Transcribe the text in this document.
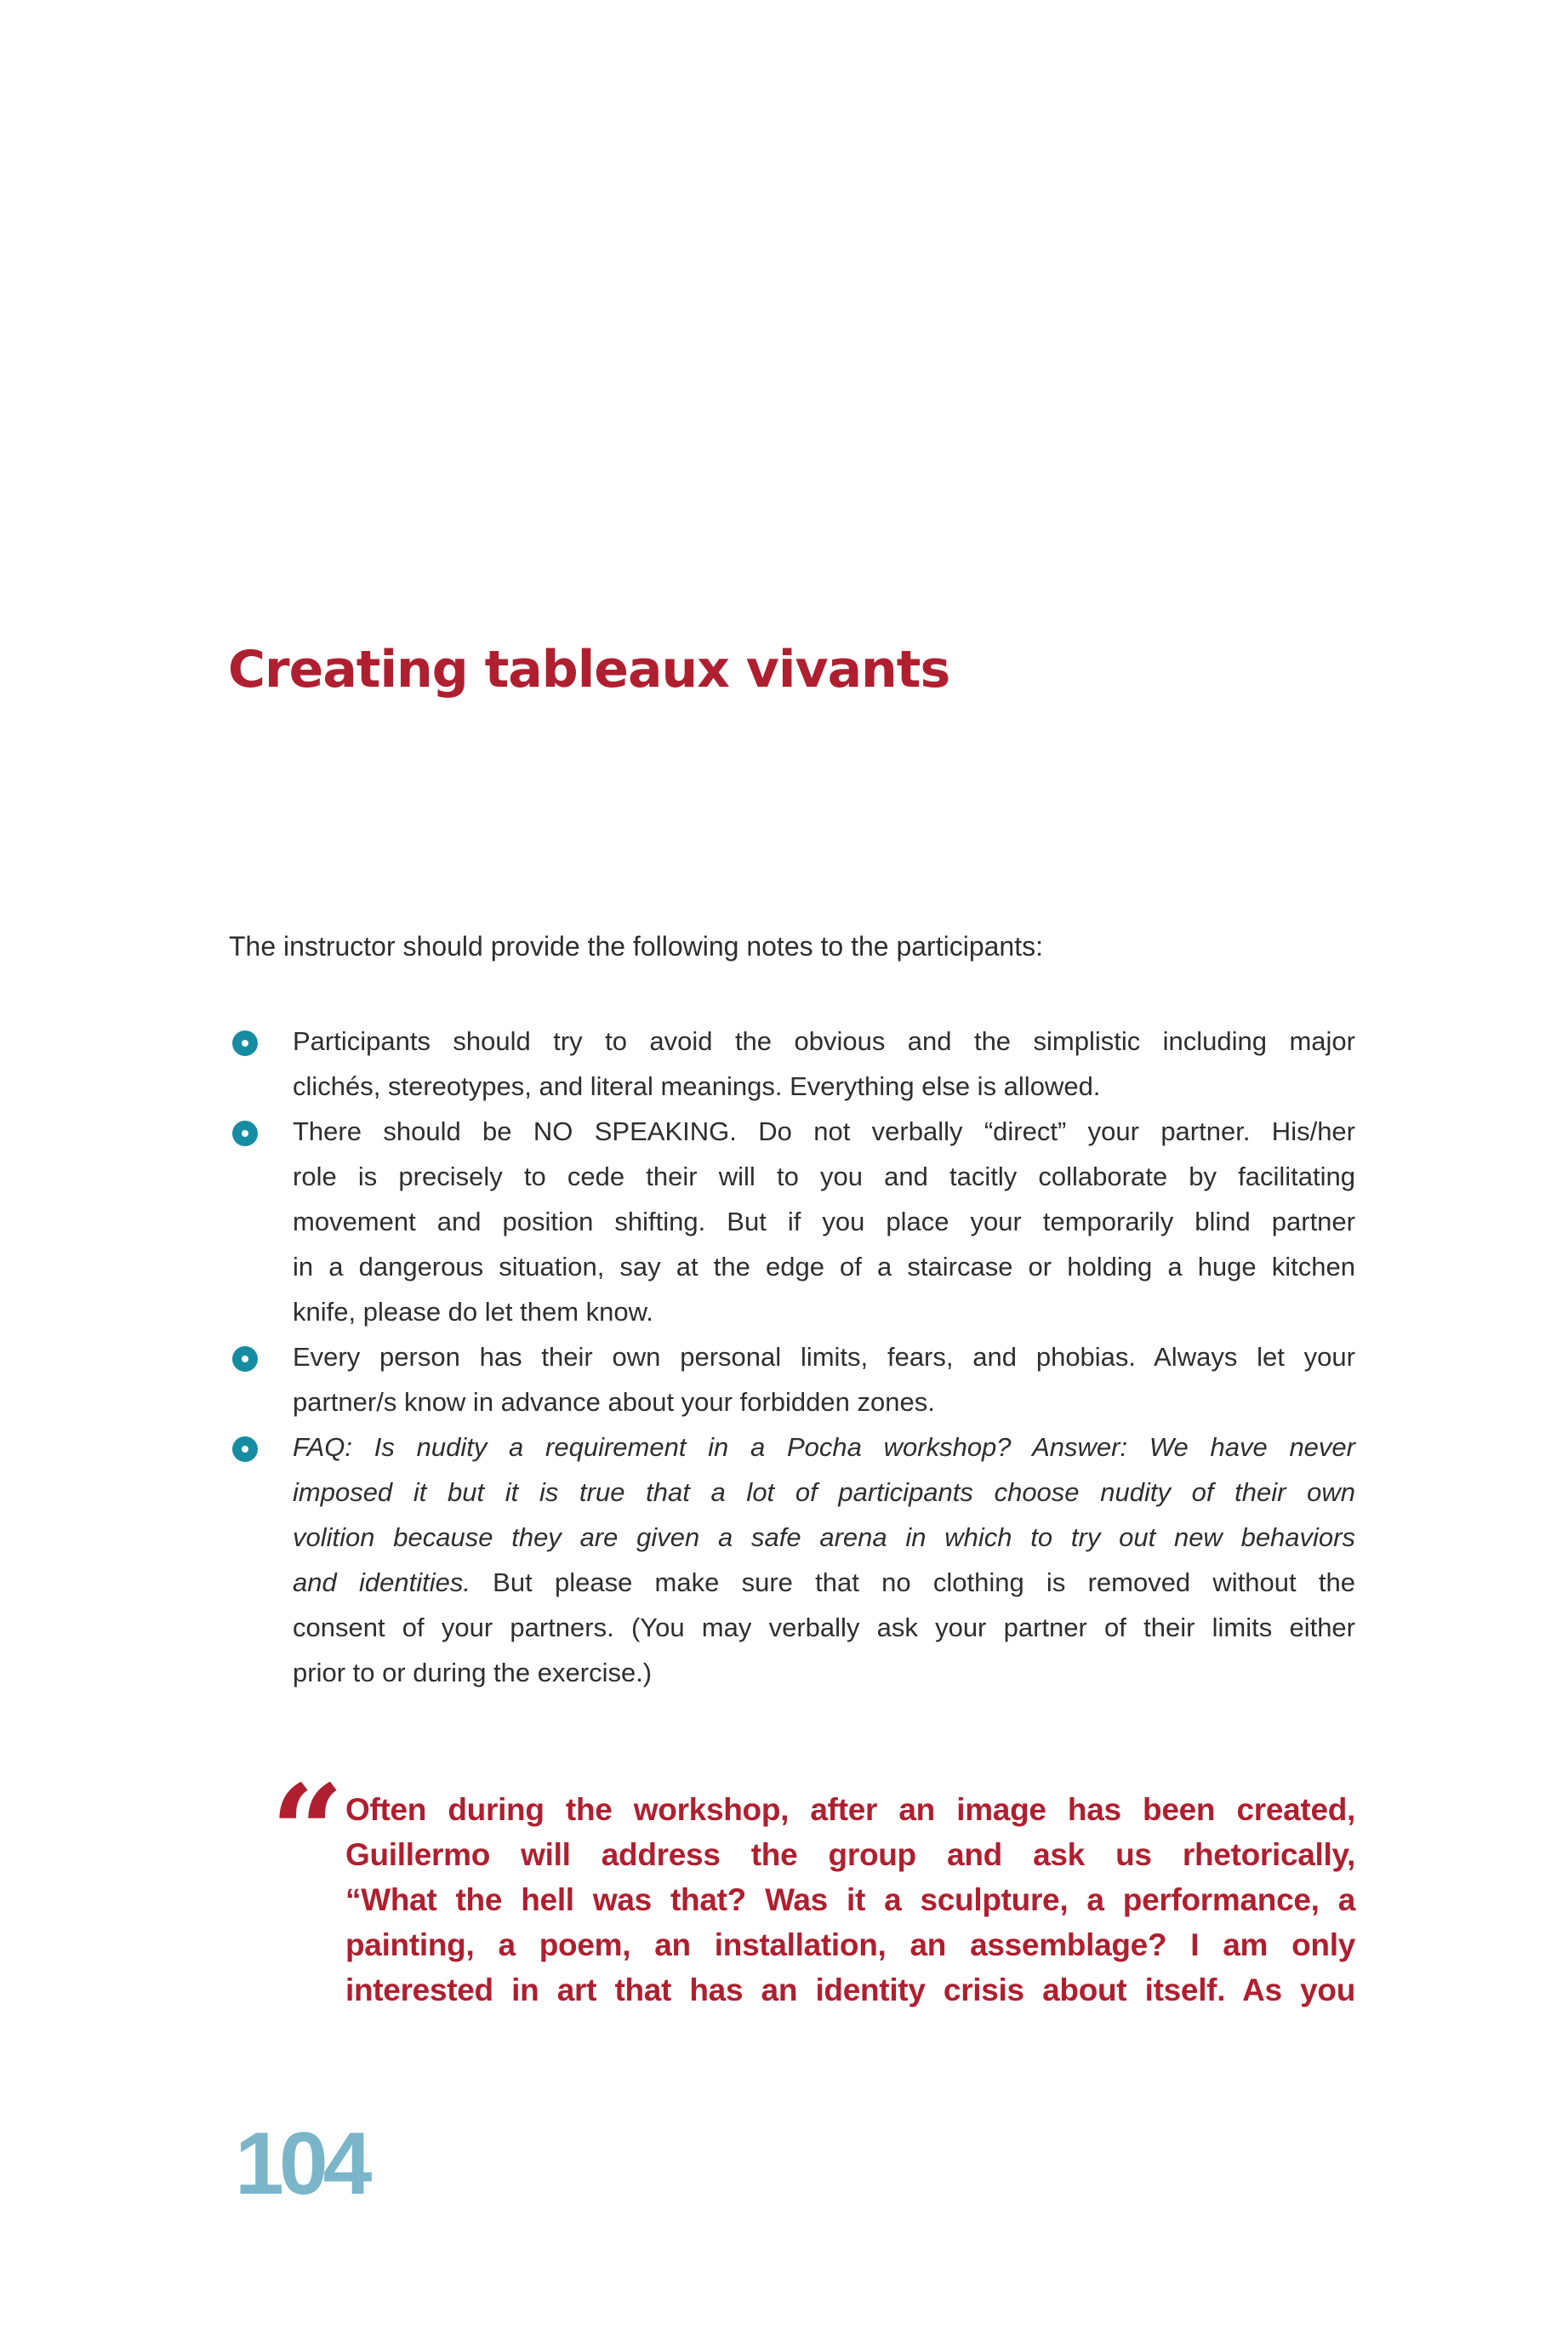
Creating tableaux vivants
The instructor should provide the following notes to the participants:
Participants should try to avoid the obvious and the simplistic including major
clichés, stereotypes, and literal meanings. Everything else is allowed.
There should be NO SPEAKING. Do not verbally “direct” your partner. His/her
role is precisely to cede their will to you and tacitly collaborate by facilitating
movement and position shifting. But if you place your temporarily blind partner
in a dangerous situation, say at the edge of a staircase or holding a huge kitchen
knife, please do let them know.
Every person has their own personal limits, fears, and phobias. Always let your
partner/s know in advance about your forbidden zones.
FAQ: Is nudity a requirement in a Pocha workshop? Answer: We have never
imposed it but it is true that a lot of participants choose nudity of their own
volition because they are given a safe arena in which to try out new behaviors
and identities. But please make sure that no clothing is removed without the
consent of your partners. (You may verbally ask your partner of their limits either
prior to or during the exercise.)
“ Often during the workshop, after an image has been created,
Guillermo will address the group and ask us rhetorically,
“What the hell was that? Was it a sculpture, a performance, a
painting, a poem, an installation, an assemblage? I am only
interested in art that has an identity crisis about itself. As you
104
